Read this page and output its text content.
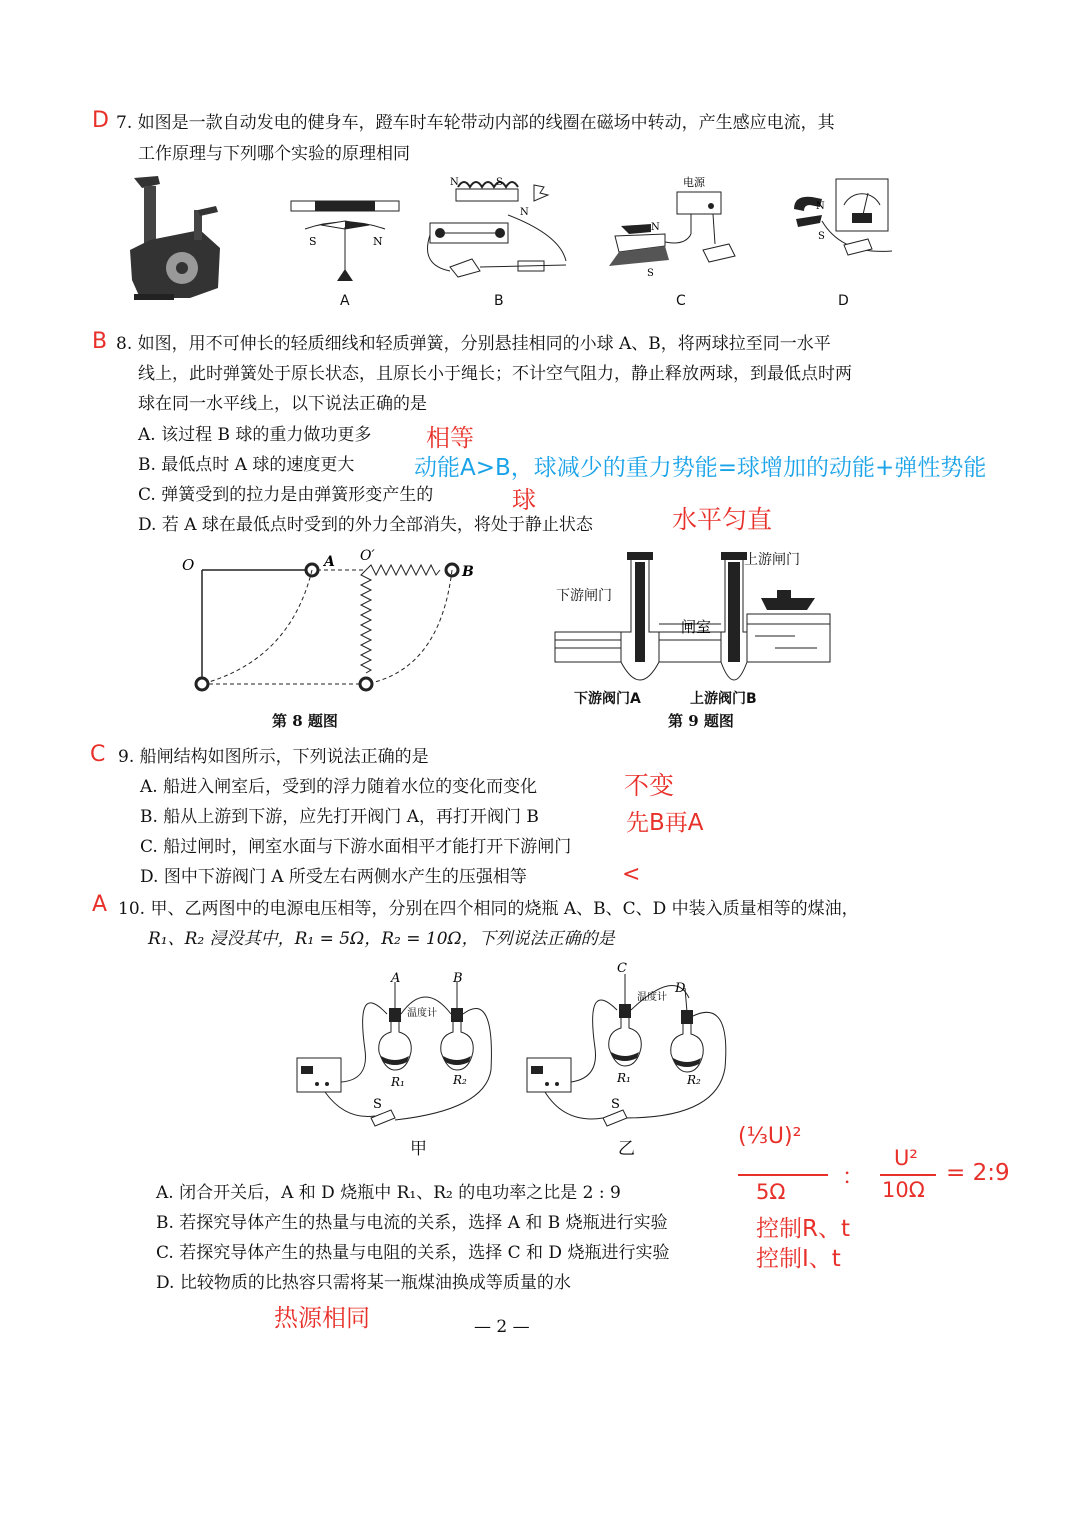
D 7. 如图是一款自动发电的健身车，蹬车时车轮带动内部的线圈在磁场中转动，产生感应电流，其
工作原理与下列哪个实验的原理相同
S	N
A
N	S
N
B
电源
N
S
C
N
S
D
B 8. 如图，用不可伸长的轻质细线和轻质弹簧，分别悬挂相同的小球 A、B，将两球拉至同一水平
线上，此时弹簧处于原长状态，且原长小于绳长；不计空气阻力，静止释放两球，到最低点时两
球在同一水平线上，以下说法正确的是
A. 该过程 B 球的重力做功更多
B. 最低点时 A 球的速度更大
C. 弹簧受到的拉力是由弹簧形变产生的
D. 若 A 球在最低点时受到的外力全部消失，将处于静止状态
相等
动能A>B，球减少的重力势能=球增加的动能+弹性势能
球
水平匀直
O	A O′
B
第 8 题图
闸室
上游闸门
下游闸门
下游阀门A	上游阀门B
第 9 题图
C 9. 船闸结构如图所示，下列说法正确的是
A. 船进入闸室后，受到的浮力随着水位的变化而变化
B. 船从上游到下游，应先打开阀门 A，再打开阀门 B
C. 船过闸时，闸室水面与下游水面相平才能打开下游闸门
D. 图中下游阀门 A 所受左右两侧水产生的压强相等
不变
先B再A
<
A 10. 甲、乙两图中的电源电压相等，分别在四个相同的烧瓶 A、B、C、D 中装入质量相等的煤油，
R₁、R₂ 浸没其中，R₁ = 5Ω，R₂ = 10Ω，下列说法正确的是
A	B
温度计
R₁	R₂
S
甲
C
D
温度计
R₁	R₂
S
乙
A. 闭合开关后，A 和 D 烧瓶中 R₁、R₂ 的电功率之比是 2 : 9
B. 若探究导体产生的热量与电流的关系，选择 A 和 B 烧瓶进行实验
C. 若探究导体产生的热量与电阻的关系，选择 C 和 D 烧瓶进行实验
D. 比较物质的比热容只需将某一瓶煤油换成等质量的水
(⅓U)²
5Ω
：
U²
10Ω
= 2:9
控制R、t
控制I、t
热源相同	— 2 —
